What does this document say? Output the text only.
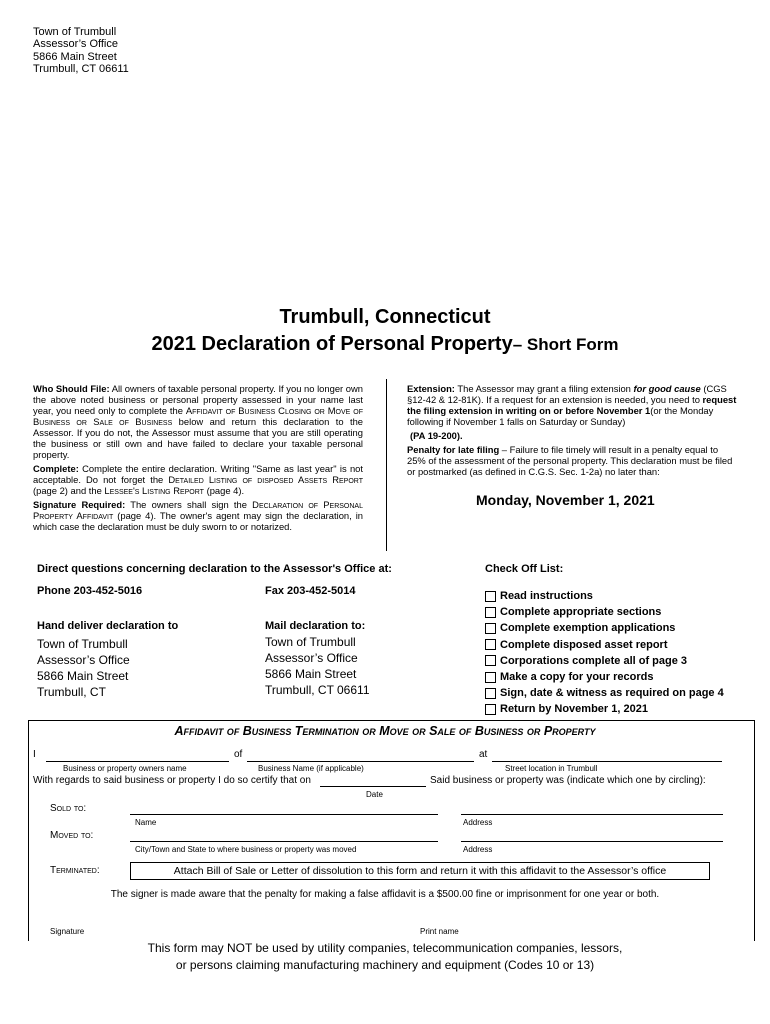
Town of Trumbull
Assessor’s Office
5866 Main Street
Trumbull, CT 06611
Trumbull, Connecticut
2021 Declaration of Personal Property– Short Form

Who Should File: All owners of taxable personal property. If you no longer own the above noted business or personal property assessed in your name last year, you need only to complete the Affidavit of Business Closing or Move of Business or Sale of Business below and return this declaration to the Assessor. If you do not, the Assessor must assume that you are still operating the business or still own and have failed to declare your taxable personal property.

Complete: Complete the entire declaration. Writing "Same as last year" is not acceptable. Do not forget the Detailed Listing of disposed Assets Report (page 2) and the Lessee's Listing Report (page 4).

Signature Required: The owners shall sign the Declaration of Personal Property Affidavit (page 4). The owner's agent may sign the declaration, in which case the declaration must be duly sworn to or notarized.

Extension: The Assessor may grant a filing extension for good cause (CGS §12-42 & 12-81K). If a request for an extension is needed, you need to request the filing extension in writing on or before November 1(or the Monday following if November 1 falls on Saturday or Sunday)

(PA 19-200).

Penalty for late filing – Failure to file timely will result in a penalty equal to 25% of the assessment of the personal property. This declaration must be filed or postmarked (as defined in C.G.S. Sec. 1-2a) no later than:

Monday, November 1, 2021
Direct questions concerning declaration to the Assessor's Office at:
Phone 203-452-5016	Fax 203-452-5014
Hand deliver declaration to
Town of Trumbull
Assessor’s Office
5866 Main Street
Trumbull, CT
Mail declaration to:
Town of Trumbull
Assessor’s Office
5866 Main Street
Trumbull, CT 06611
Check Off List:
Read instructions
Complete appropriate sections
Complete exemption applications
Complete disposed asset report
Corporations complete all of page 3
Make a copy for your records
Sign, date & witness as required on page 4
Return by November 1, 2021
Affidavit of Business Termination or Move or Sale of Business or Property
I	of	at
Business or property owners name	Business Name (if applicable)	Street location in Trumbull
With regards to said business or property I do so certify that on	Said business or property was (indicate which one by circling):
Date
Sold to:
Name	Address
Moved to:
City/Town and State to where business or property was moved	Address
Terminated:	Attach Bill of Sale or Letter of dissolution to this form and return it with this affidavit to the Assessor’s office
The signer is made aware that the penalty for making a false affidavit is a $500.00 fine or imprisonment for one year or both.
Signature	Print name
This form may NOT be used by utility companies, telecommunication companies, lessors,
or persons claiming manufacturing machinery and equipment (Codes 10 or 13)
